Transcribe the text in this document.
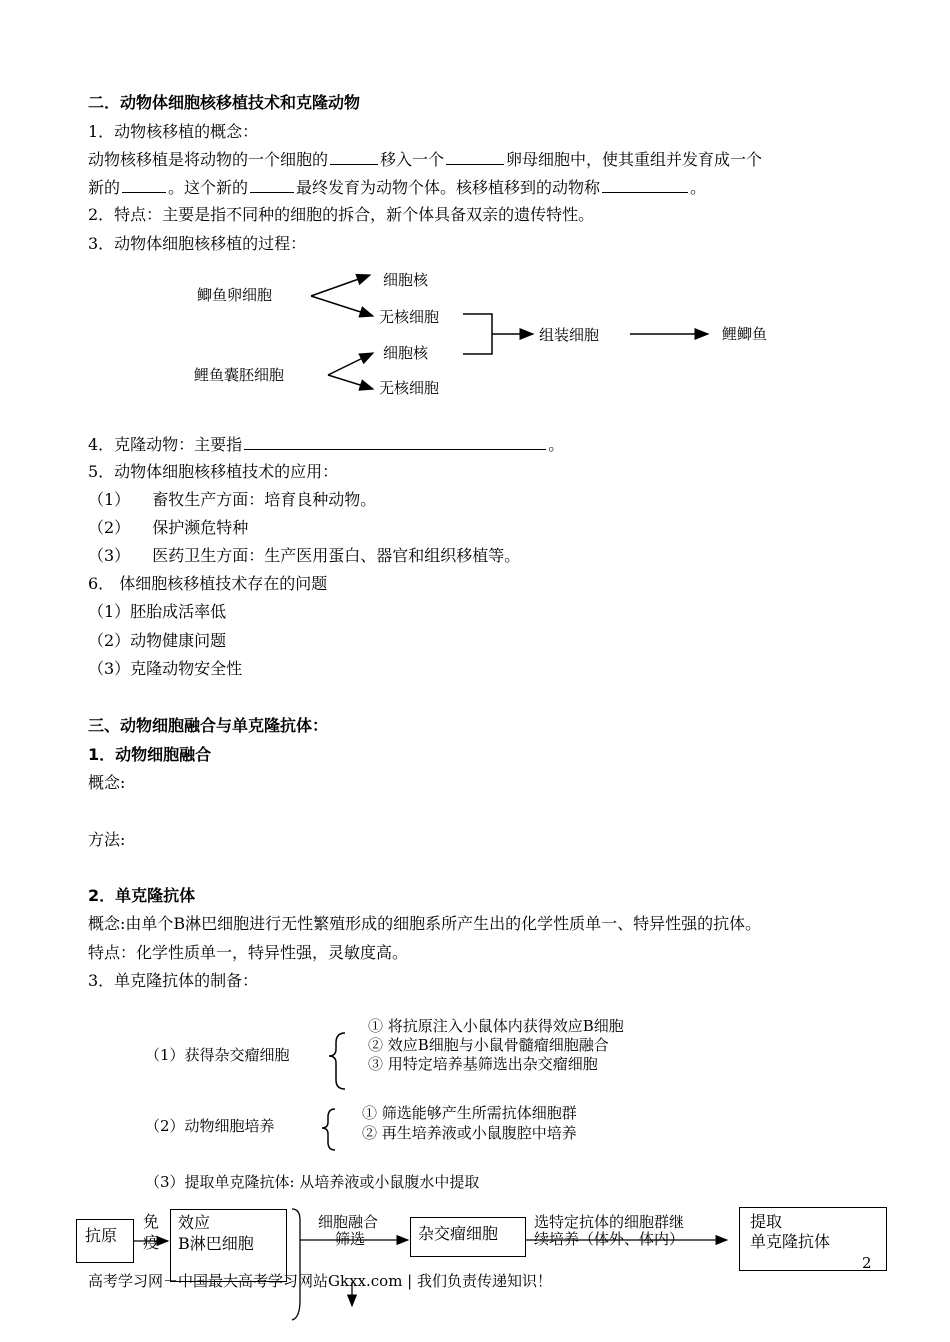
二．动物体细胞核移植技术和克隆动物
1．动物核移植的概念：
动物核移植是将动物的一个细胞的	移入一个	卵母细胞中，使其重组并发育成一个
新的	。这个新的	最终发育为动物个体。核移植移到的动物称	。
2．特点：主要是指不同种的细胞的拆合，新个体具备双亲的遗传特性。
3．动物体细胞核移植的过程：
鲫鱼卵细胞
细胞核
无核细胞
鲤鱼囊胚细胞
细胞核
无核细胞
组装细胞	鲤鲫鱼
4．克隆动物：主要指	。
5．动物体细胞核移植技术的应用：
（1） 畜牧生产方面：培育良种动物。
（2） 保护濒危特种
（3） 医药卫生方面：生产医用蛋白、器官和组织移植等。
6． 体细胞核移植技术存在的问题
（1）胚胎成活率低
（2）动物健康问题
（3）克隆动物安全性
三、动物细胞融合与单克隆抗体：
1．动物细胞融合
概念:
方法:
2．单克隆抗体
概念:由单个B淋巴细胞进行无性繁殖形成的细胞系所产生出的化学性质单一、特异性强的抗体。
特点：化学性质单一，特异性强，灵敏度高。
3．单克隆抗体的制备：
（1）获得杂交瘤细胞
① 将抗原注入小鼠体内获得效应B细胞
② 效应B细胞与小鼠骨髓瘤细胞融合
③ 用特定培养基筛选出杂交瘤细胞
（2）动物细胞培养
① 筛选能够产生所需抗体细胞群
② 再生培养液或小鼠腹腔中培养
（3）提取单克隆抗体: 从培养液或小鼠腹水中提取
抗原
免
疫
效应
B淋巴细胞
细胞融合
筛选	杂交瘤细胞
选特定抗体的细胞群继
续培养（体外、体内）
提取
单克隆抗体
高考学习网－中国最大高考学习网站Gkxx.com | 我们负责传递知识！
2
